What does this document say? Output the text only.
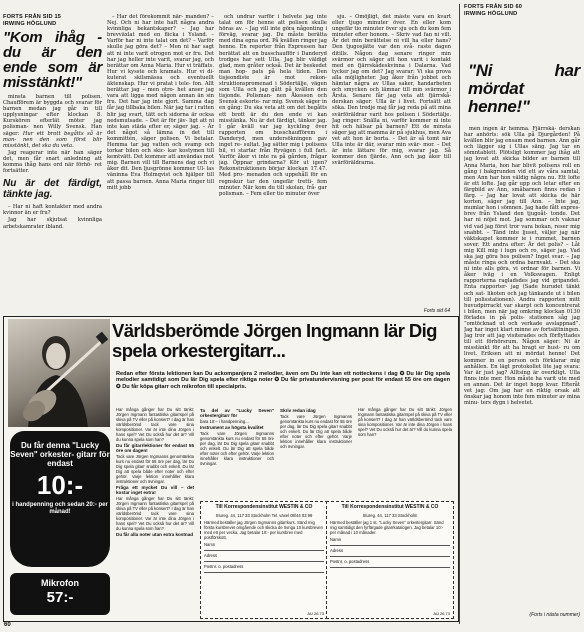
FORTS FRÅN SID 15
IRWING HÖGLUND
"Kom ihåg -du är den ende som är misstänkt!"

minsta barnen till polisen. Chaufförem är byggda och svarar för barnen medan jag går in till upplysningar efter klockan 8. Kurskören efterlät möter jag polisman- nen Willy Svensk. Han säger: Hur ett brott begåtts så är man- nen den som först blir misstänkt, det ska du veta.

Jag reagerar inte när han säger det, men får snart anledning att komma ihåg hans ord när förhö- ret fortsätter.

Nu är det färdigt, tänkte jag.

– Har ni haft kontakter med andra kvinnor än er fru?

Jag har skjutsat kvinnliga arbetskamrater ibland.

– Har det förekommit när- manden? – Nej. Och ni har inte haft några andra kvinnliga bekantskaper? – Jag har brevväxlat med en flicka i Ysland. – Varför har ni inte talat om det? – Varför skulle jag göra det? – Men ni har sagt att ni inte varit otrogen mot er fru. Det har jag heller inte varit, svarar jag, och berättar om Anna Maria. Hur vi träffats. Hur vi kysste och kramats. Hur vi di- kuterat skilsmässa och eventuellt äktenskap. Hur vi pratat i tele- fon. Allt berättar jag – men otro- het anser jag vara att ligga med någon annan än sin fru. Det har jag inte gjort. Samma dag får jag tillbaka bilen. När jag tar i ratten blir jag svart, tätt och sidorna är ocksa nedsmutsade. – Det är för jäv- ligt att ni inte kan städa efter er, säger jag. – Är det något så lämna in det till kommittén, säger polisen. Vi betalar. Hemma tar jag vatten och svamp och torkar bilen och skic- kar kostymen till kemtvätt. Det kommer att användas mot mig. Barnen vill till Barnens dag och vi åker dit. Den ljusgrönne kommer Ul- las väninna Eva Holmqvist och hjälper till att passa barnen. Anna Maria ringer till mitt jobb

och undrar varför i helvete jag inte talat om för henne att polisen skulle höras av. – Jag vill inte göra någonting i förväg, svarar jag. Du måste berätta med dina egna ord. På kvällen ringer jag henne. En reporter från Expressen har berättat att en busschaufför i Danderyd trodges har sett Ulla. Jag blir väldigt glad, men gråter också. Det är beskedet man hop- pats på hela tiden. Den tisjeondiste är mot rekon- struktionspromenad i Södertälje, vägen som Ulla och jag gått på kvällen den tisjonde. Polisman- nen Åkesson och Svensk eskorte- rar mig. Svensk säger in en gång: Du ska veta att om det begåtts ett brott är du den ende vi kan misstänka. Nu är det färdigt, tänker jag. I går kväll var jag kyckling över rapporten om busschaufförem i Danderyd, men undersökningen gav inget re- sultat. Jag sätter mig i polisens bil, vi startar från Ryvägen i full fart. Varför åker vi inte ra på gården, frågar jag. Öppnar grindarna? Kör ut igen? Rekonstruktionen börjar klockan 17.47. Med pro- menaden och uppehåll för en regnskur tar den ungefär tretti- fem minuter. När kom du till skolan, frå- gar polisman. – Fem eller tio minuter över

sju. – Omöjligt, det måste vara en kvart eller tjugo minuter över. En eller kom ungefär tio minuter över sju och du kom fem minuter efter honom. – Skriv vad fan ni vill. Är det min berättelse ni vill ha eller hans? Den tjugosjätte var den svå- raste dagen ditills. Någon dag senare ringer min svärmor och säger att hon varit i kontakt med en fjärrskådeskvinna i Dalarna. Vad tycker jag om det? Jag svarar: Vi ska prova alla möjligheter. Jag åker från jobbet och hämtar några av Ullas saker, handarbeten och smycken och lämnar till min svärmor i Årsta. Senare får jag veta att fjärrskå- derskan säger: Ulla är i livet. Fortsätt att söka. Den tredje maj får jag reda på att mina svärföräldrar varit hos polisen i Södertälje. Jag ringer: Snälla ni, varför kommer ni inte hit och hälsar på barnen? Ett de minsta säger jag att mamma är på sjukhus, men Ava vet att hon är borta. – Det är så tomt när Ulla inte är där, svarar min svär- mor. – Det är inte lättare för mig, svarar jag. Så kommer den fjärde. Ann och jag åker till svärföräldrarna.

Forts sid 64
FORTS FRÅN SID 60
IRWING HÖGLUND
"Ni har mördat henne!"

men ingen är hemma. Fjärrskå- derskan har anhörts: sök Ulla på Djurgården! På kvällen blir jag ensam med barnen. Ann går och lägger sig i Ullas säng. Jag tar en sömntablett. Plötsligt kommer jag ihåg att jag lovat att skicka bilder av barnen till Anna Maria, hon har blivit polisens roll en gång i bakgrunden vid ett av våra samtal, men Ann har hon väldig några nu. Ett lofte är ett lofte. Jag går upp och letar efter en färgbild av Ann, småbarnen finns redan i färg. – Jag har lovat att skicka de här korten, säger jag till Ann. – Inte jag, mumlar hon i sömnen. Jag hade fått expres- brev från Ysland den tjugoåt- tonde. Det har ni nöjet mot. Jag sommar och vaknar vid vad jag först tror vara bokan, reser mig snabbt. – Tänd inte ljuset, väljer jag när väktskapet kommer ie i rummet, barnen sover. Ett andra efter: Är det polis? – Låt mig Kill mig i lugn och ro, säger jag. Vad ska jag göra hos polisen? Inget svar. – Jag måste ringa och ordna barnvakt. – Det ska ni inte alls göra, vi ordnar för barnen. Vi åker iväg i en Volkswagen. Enligt rapporterna ragladsdes jag vid gripandet. Enta rapporter- jag (Sade hurudet tänkt och sat- likoten och jag tänkande ut i bilen till polisstationen). Andra rapporten mitt huvudpirrackt var skarpt och koncentrerat i bilen, men när jag omkring klockan 0130 förlades in på polis- stationen såg jag ”omtöcknad ut och verkade avslappnad”. Jag har inget klart minne av fortsättningen. Jag tror att jag visiterades och förflyttades till ett förhörsrum. Någon säger: Ni är misstänkt för att ha bragt er hust- ru om livet. Eriksen att ni mördat henne! Det kommer in en person och förklarar mig anhållen. En lägt protokollet lite jag svara: Var är just jag? Alltsing är overkligt. Ulla finns inte mer. Hon måste ha varit ute med en annan. Det är inget hopp kvar. Efteråt vet jag: Om jag har en riktig orsak att önskar jag honom inte fem minuter av mina minu- ters dygn i helvetet.

(Forts i nästa nummer)
Världsberömde Jörgen Ingmann lär Dig spela orkestergitarr...
Redan efter första lektionen kan Du ackompanjera 2 melodier, även om Du inte kan ett notteckens i dag ✪ Du lär Dig spela melodier samtidigt som Du lär Dig spela efter riktiga noter ✪ Du får privatundervisning per post för endast 55 öre om dagen ✪ Du får köpa gitarr och mikrofon till specialpris.
Du får denna "Lucky Seven" orkester- gitarr för endast
10:-
i handpenning och sedan 20:- per månad!
Mikrofon
57:-

Har många gånger har Du sitt tänkt: Jörgen Ingmann fantastiska gitarrspel på skiva på TV eller på konsert? I dag är han världsberömd tack vare sina kompositioner. Var är inte dina Jörgen i hans spel? Vet Du också hur det är? Vill du kunna spela som han?

Du får gitarrlektioner för endast 55 öre om dagen!

Tack vare Jörgen Ingmanns genomtänkta kurs nu endast för 55 öre per dag, lär Du Dig spela gitarr snabbt och enkelt. Du lär Dig att spela både efter noter och efter gehör. Varje lektion innehåller klara instruktioner och övningar.

Fråga ett mycket Du vill – det kostar inget extra!

Har många gånger har Du sitt tänkt: Jörgen Ingmann fantastiska gitarrspel på skiva på TV eller på konsert? I dag är han världsberömd tack vare sina kompositioner. Var är inte dina Jörgen i hans spel? Vet Du också hur det är? Vill du kunna spela som han?

Du får alla noter utan extra kostnad
Ta del av "Lucky Seven" orkestergitarr för

bara 10:– i handpenning...

Instrument av högsta kvalitet

Tack vare Jörgen Ingmanns genomtänkta kurs nu endast för 55 öre per dag, lär Du Dig spela gitarr snabbt och enkelt. Du lär Dig att spela både efter noter och efter gehör. Varje lektion innehåller klara instruktioner och övningar.

Skriv redan idag

Tack vare Jörgen Ingmanns genomtänkta kurs nu endast för 55 öre per dag, lär Du Dig spela gitarr snabbt och enkelt. Du lär Dig att spela både efter noter och efter gehör. Varje lektion innehåller klara instruktioner och övningar.

Till Korrespondensinstitut WESTIN & CO
Stureg. 44, 117 33 Stockholm Tel. växel 08/44 03 99
Härmed beställer jag Jörgen Ingmanns gitarrkurs. Sänd mig första kursbrevet omgående och skicka de övriga 10 kursbreven med ett per vecka. Jag betalar 10:- per kursbrev med postförskott.
Namn
Adress
Postnr. o. postadress
AU 26.73
Till Korrespondensinstitut WESTIN & CO
Stureg. 44, 117 33 Stockholm
Härmed beställer jag 1 st. "Lucky Seven" orkestergitarr. Sänd mig samtidigt den fyrfärgade gitarrkatalogen. Jag betalar 10:- per månad i 10 månader.
Namn
Adress
Postnr. o. postadress
AU 26.73

Har många gånger har Du sitt tänkt: Jörgen Ingmann fantastiska gitarrspel på skiva på TV eller på konsert? I dag är han världsberömd tack vare sina kompositioner. Var är inte dina Jörgen i hans spel? Vet Du också hur det är? Vill du kunna spela som han?

60
